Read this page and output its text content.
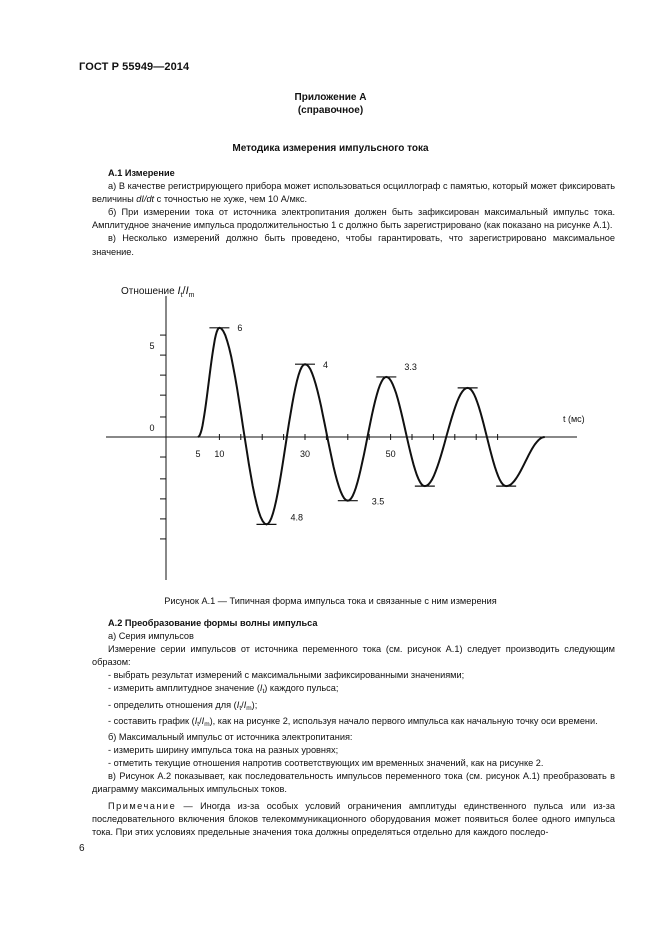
ГОСТ Р 55949—2014
Приложение А
(справочное)
Методика измерения импульсного тока

А.1 Измерение

а) В качестве регистрирующего прибора может использоваться осциллограф с памятью, который может фиксировать величины dI/dt с точностью не хуже, чем 10 А/мкс.

б) При измерении тока от источника электропитания должен быть зафиксирован максимальный импульс тока. Амплитудное значение импульса продолжительностью 1 с должно быть зарегистрировано (как показано на рисунке А.1).

в) Несколько измерений должно быть проведено, чтобы гарантировать, что зарегистрировано максимальное значение.

5 10	30	50
5
0
6
4.8
4
3.5
3.3
Отношение $I_t/I_m$
t (мс)
Рисунок А.1 — Типичная форма импульса тока и связанные с ним измерения

А.2 Преобразование формы волны импульса

а) Серия импульсов

Измерение серии импульсов от источника переменного тока (см. рисунок А.1) следует производить следующим образом:

- выбрать результат измерений с максимальными зафиксированными значениями;

- измерить амплитудное значение $(I_t)$ каждого пульса;

- определить отношения для $(I_t/I_m)$;

- составить график $(I_t/I_m)$, как на рисунке 2, используя начало первого импульса как начальную точку оси времени.

б) Максимальный импульс от источника электропитания:

- измерить ширину импульса тока на разных уровнях;

- отметить текущие отношения напротив соответствующих им временных значений, как на рисунке 2.

в) Рисунок А.2 показывает, как последовательность импульсов переменного тока (см. рисунок А.1) преобразовать в диаграмму максимальных импульсных токов.

Примечание — Иногда из-за особых условий ограничения амплитуды единственного пульса или из-за последовательного включения блоков телекоммуникационного оборудования может появиться более одного импульса тока. При этих условиях предельные значения тока должны определяться отдельно для каждого последо-

6
